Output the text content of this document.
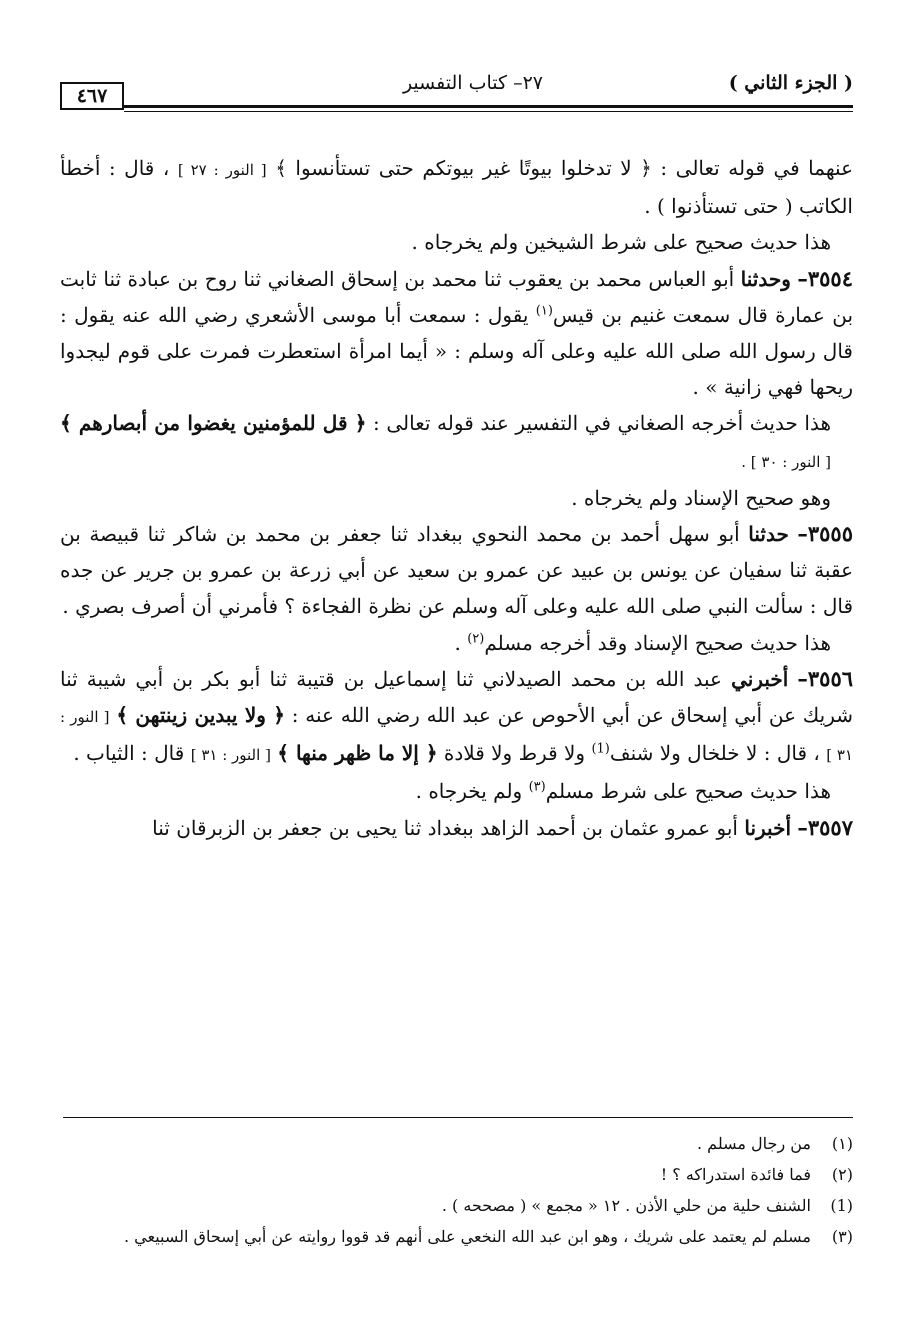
( الجزء الثاني )
٢٧– كتاب التفسير
٤٦٧

عنهما في قوله تعالى : ﴿ لا تدخلوا بيوتًا غير بيوتكم حتى تستأنسوا ﴾ [ النور : ٢٧ ] ، قال : أخطأ الكاتب ( حتى تستأذنوا ) .

هذا حديث صحيح على شرط الشيخين ولم يخرجاه .

٣٥٥٤– وحدثنا أبو العباس محمد بن يعقوب ثنا محمد بن إسحاق الصغاني ثنا روح بن عبادة ثنا ثابت بن عمارة قال سمعت غنيم بن قيس$^{(١)}$ يقول : سمعت أبا موسى الأشعري رضي الله عنه يقول : قال رسول الله صلى الله عليه وعلى آله وسلم : « أيما امرأة استعطرت فمرت على قوم ليجدوا ريحها فهي زانية » .

هذا حديث أخرجه الصغاني في التفسير عند قوله تعالى : ﴿ قل للمؤمنين يغضوا من أبصارهم ﴾ [ النور : ٣٠ ] .

وهو صحيح الإسناد ولم يخرجاه .

٣٥٥٥– حدثنا أبو سهل أحمد بن محمد النحوي ببغداد ثنا جعفر بن محمد بن شاكر ثنا قبيصة بن عقبة ثنا سفيان عن يونس بن عبيد عن عمرو بن سعيد عن أبي زرعة بن عمرو بن جرير عن جده قال : سألت النبي صلى الله عليه وعلى آله وسلم عن نظرة الفجاءة ؟ فأمرني أن أصرف بصري .

هذا حديث صحيح الإسناد وقد أخرجه مسلم$^{(٢)}$ .

٣٥٥٦– أخبرني عبد الله بن محمد الصيدلاني ثنا إسماعيل بن قتيبة ثنا أبو بكر بن أبي شيبة ثنا شريك عن أبي إسحاق عن أبي الأحوص عن عبد الله رضي الله عنه : ﴿ ولا يبدين زينتهن ﴾ [ النور : ٣١ ] ، قال : لا خلخال ولا شنف$^{(1)}$ ولا قرط ولا قلادة ﴿ إلا ما ظهر منها ﴾ [ النور : ٣١ ] قال : الثياب .

هذا حديث صحيح على شرط مسلم$^{(٣)}$ ولم يخرجاه .

٣٥٥٧– أخبرنا أبو عمرو عثمان بن أحمد الزاهد ببغداد ثنا يحيى بن جعفر بن الزبرقان ثنا

(١)
من رجال مسلم .
(٢)
فما فائدة استدراكه ؟ !
(1)
الشنف حلية من حلي الأذن . ١٢ « مجمع » ( مصححه ) .
(٣)
مسلم لم يعتمد على شريك ، وهو ابن عبد الله النخعي على أنهم قد قووا روايته عن أبي إسحاق السبيعي .
